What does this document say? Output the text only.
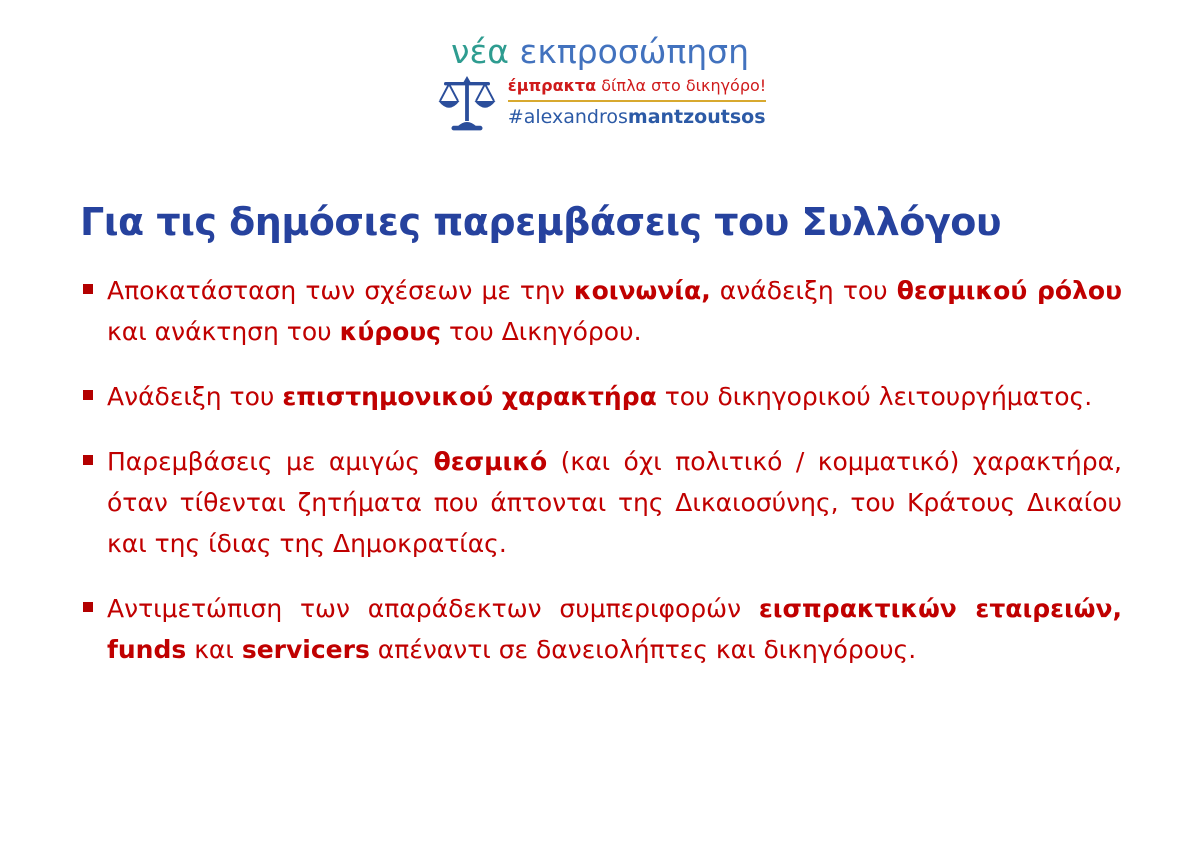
νέα εκπροσώπηση
έμπρακτα δίπλα στο δικηγόρο!
#alexandrosmantzoutsos
Για τις δημόσιες παρεμβάσεις του Συλλόγου
Αποκατάσταση των σχέσεων με την κοινωνία, ανάδειξη του θεσμικού ρόλου και ανάκτηση του κύρους του Δικηγόρου.
Ανάδειξη του επιστημονικού χαρακτήρα του δικηγορικού λειτουργήματος.
Παρεμβάσεις με αμιγώς θεσμικό (και όχι πολιτικό / κομματικό) χαρακτήρα, όταν τίθενται ζητήματα που άπτονται της Δικαιοσύνης, του Κράτους Δικαίου και της ίδιας της Δημοκρατίας.
Αντιμετώπιση των απαράδεκτων συμπεριφορών εισπρακτικών εταιρειών, funds και servicers απέναντι σε δανειολήπτες και δικηγόρους.
